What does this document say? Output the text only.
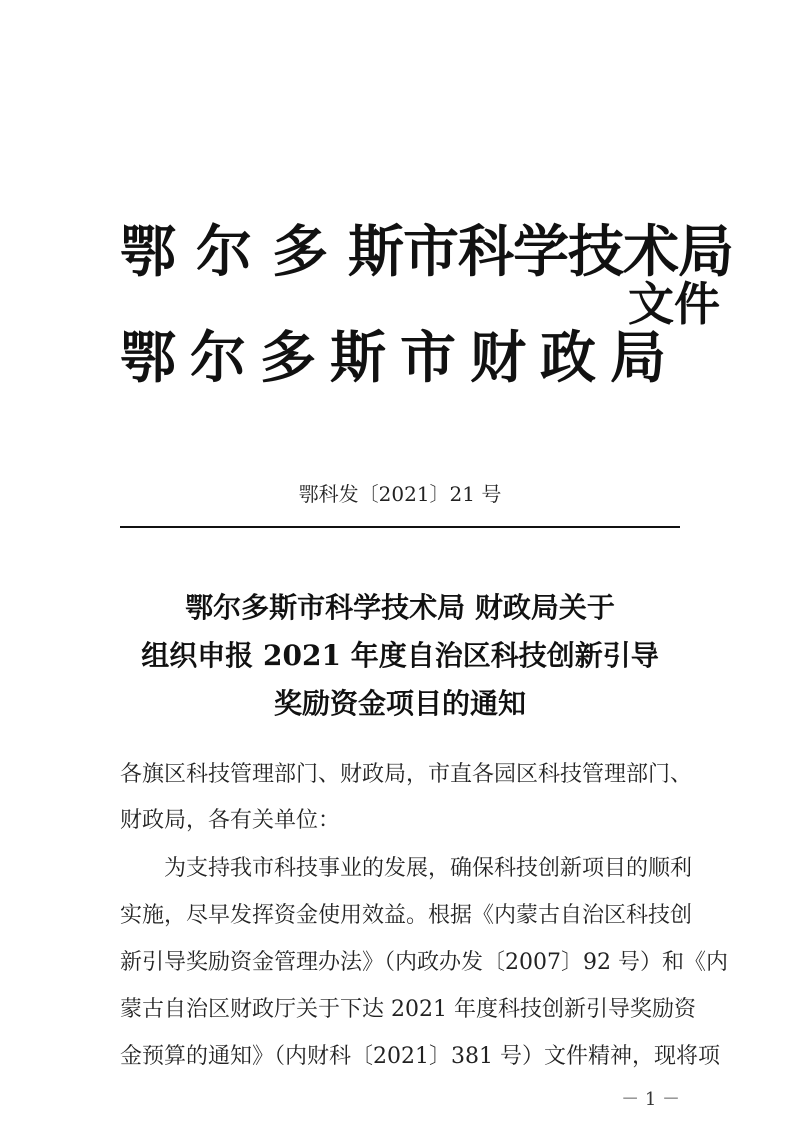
鄂尔多斯市科学技术局
鄂尔多斯市财政局
文件
鄂科发〔2021〕21 号
鄂尔多斯市科学技术局 财政局关于
组织申报 2021 年度自治区科技创新引导
奖励资金项目的通知
各旗区科技管理部门、财政局，市直各园区科技管理部门、
财政局，各有关单位：
为支持我市科技事业的发展，确保科技创新项目的顺利
实施，尽早发挥资金使用效益。根据《内蒙古自治区科技创
新引导奖励资金管理办法》（内政办发〔2007〕92 号）和《内
蒙古自治区财政厅关于下达 2021 年度科技创新引导奖励资
金预算的通知》（内财科〔2021〕381 号）文件精神，现将项
－ 1 －
